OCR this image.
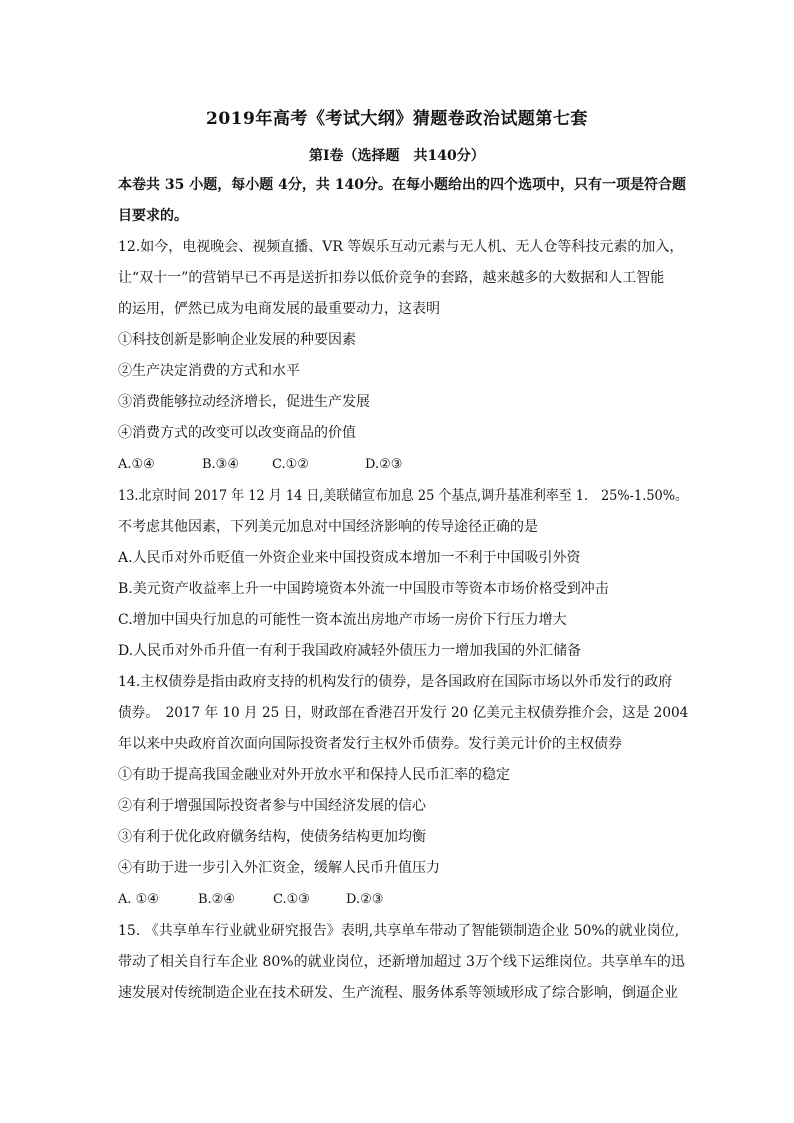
2019年高考《考试大纲》猜题卷政治试题第七套
第Ⅰ卷（选择题　共140分）
本卷共 35 小题，每小题 4分，共 140分。在每小题给出的四个选项中，只有一项是符合题
目要求的。
12.如今，电视晚会、视频直播、VR 等娱乐互动元素与无人机、无人仓等科技元素的加入，
让“双十一”的营销早已不再是送折扣券以低价竞争的套路，越来越多的大数据和人工智能
的运用，俨然已成为电商发展的最重要动力，这表明
①科技创新是影响企业发展的种要因素
②生产决定消费的方式和水平
③消费能够拉动经济增长，促进生产发展
④消费方式的改变可以改变商品的价值
A.①④	B.③④	C.①②	D.②③
13.北京时间 2017 年 12 月 14 日,美联储宣布加息 25 个基点,调升基准利率至 1． 25%-1.50%。
不考虑其他因素，下列美元加息对中国经济影响的传导途径正确的是
A.人民币对外币贬值一外资企业来中国投资成本增加一不利于中国吸引外资
B.美元资产收益率上升一中国跨境资本外流一中国股市等资本市场价格受到冲击
C.增加中国央行加息的可能性一资本流出房地产市场一房价下行压力增大
D.人民币对外币升值一有利于我国政府减轻外债压力一增加我国的外汇储备
14.主权债券是指由政府支持的机构发行的债券，是各国政府在国际市场以外币发行的政府
债券。　2017 年 10 月 25 日，财政部在香港召开发行 20 亿美元主权债券推介会，这是 2004
年以来中央政府首次面向国际投资者发行主权外币债券。发行美元计价的主权债券
①有助于提高我国金融业对外开放水平和保持人民币汇率的稳定
②有利于增强国际投资者参与中国经济发展的信心
③有利于优化政府僦务结构，使债务结构更加均衡
④有助于进一步引入外汇资金，缓解人民币升值压力
A. ①④	B.②④	C.①③	D.②③
15. 《共享单车行业就业研究报告》表明,共享单车带动了智能锁制造企业 50%的就业岗位,
带动了相关自行车企业 80%的就业岗位，还新增加超过 3万个线下运维岗位。共享单车的迅
速发展对传统制造企业在技术研发、生产流程、服务体系等领域形成了综合影响，倒逼企业
